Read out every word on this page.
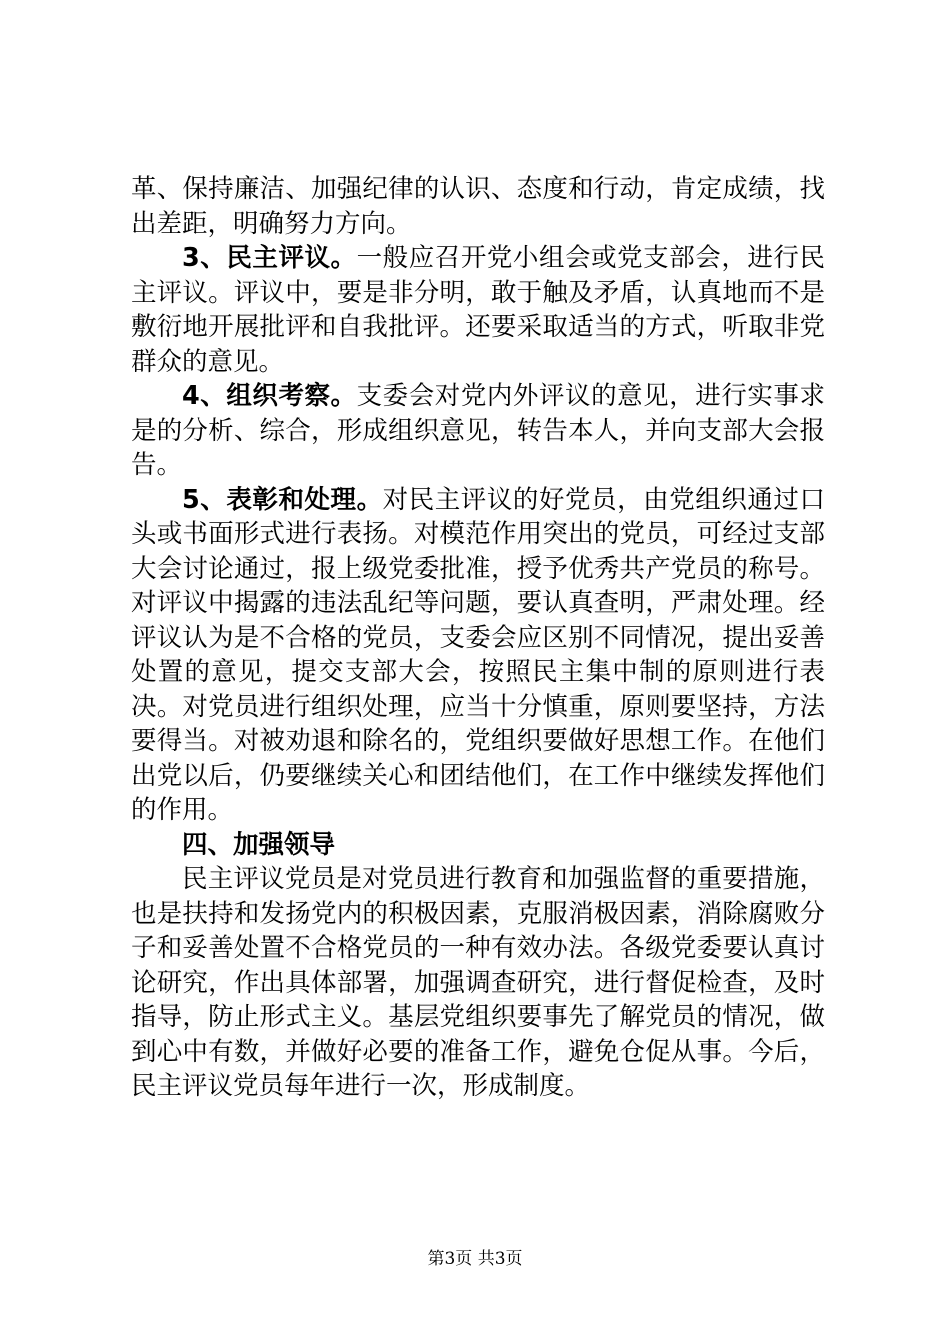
革、保持廉洁、加强纪律的认识、态度和行动，肯定成绩，找出差距，明确努力方向。

3、民主评议。一般应召开党小组会或党支部会，进行民主评议。评议中，要是非分明，敢于触及矛盾，认真地而不是敷衍地开展批评和自我批评。还要采取适当的方式，听取非党群众的意见。

4、组织考察。支委会对党内外评议的意见，进行实事求是的分析、综合，形成组织意见，转告本人，并向支部大会报告。

5、表彰和处理。对民主评议的好党员，由党组织通过口头或书面形式进行表扬。对模范作用突出的党员，可经过支部大会讨论通过，报上级党委批准，授予优秀共产党员的称号。对评议中揭露的违法乱纪等问题，要认真查明，严肃处理。经评议认为是不合格的党员，支委会应区别不同情况，提出妥善处置的意见，提交支部大会，按照民主集中制的原则进行表决。对党员进行组织处理，应当十分慎重，原则要坚持，方法要得当。对被劝退和除名的，党组织要做好思想工作。在他们出党以后，仍要继续关心和团结他们，在工作中继续发挥他们的作用。

四、加强领导

民主评议党员是对党员进行教育和加强监督的重要措施，也是扶持和发扬党内的积极因素，克服消极因素，消除腐败分子和妥善处置不合格党员的一种有效办法。各级党委要认真讨论研究，作出具体部署，加强调查研究，进行督促检查，及时指导，防止形式主义。基层党组织要事先了解党员的情况，做到心中有数，并做好必要的准备工作，避免仓促从事。今后，民主评议党员每年进行一次，形成制度。

第3页 共3页
